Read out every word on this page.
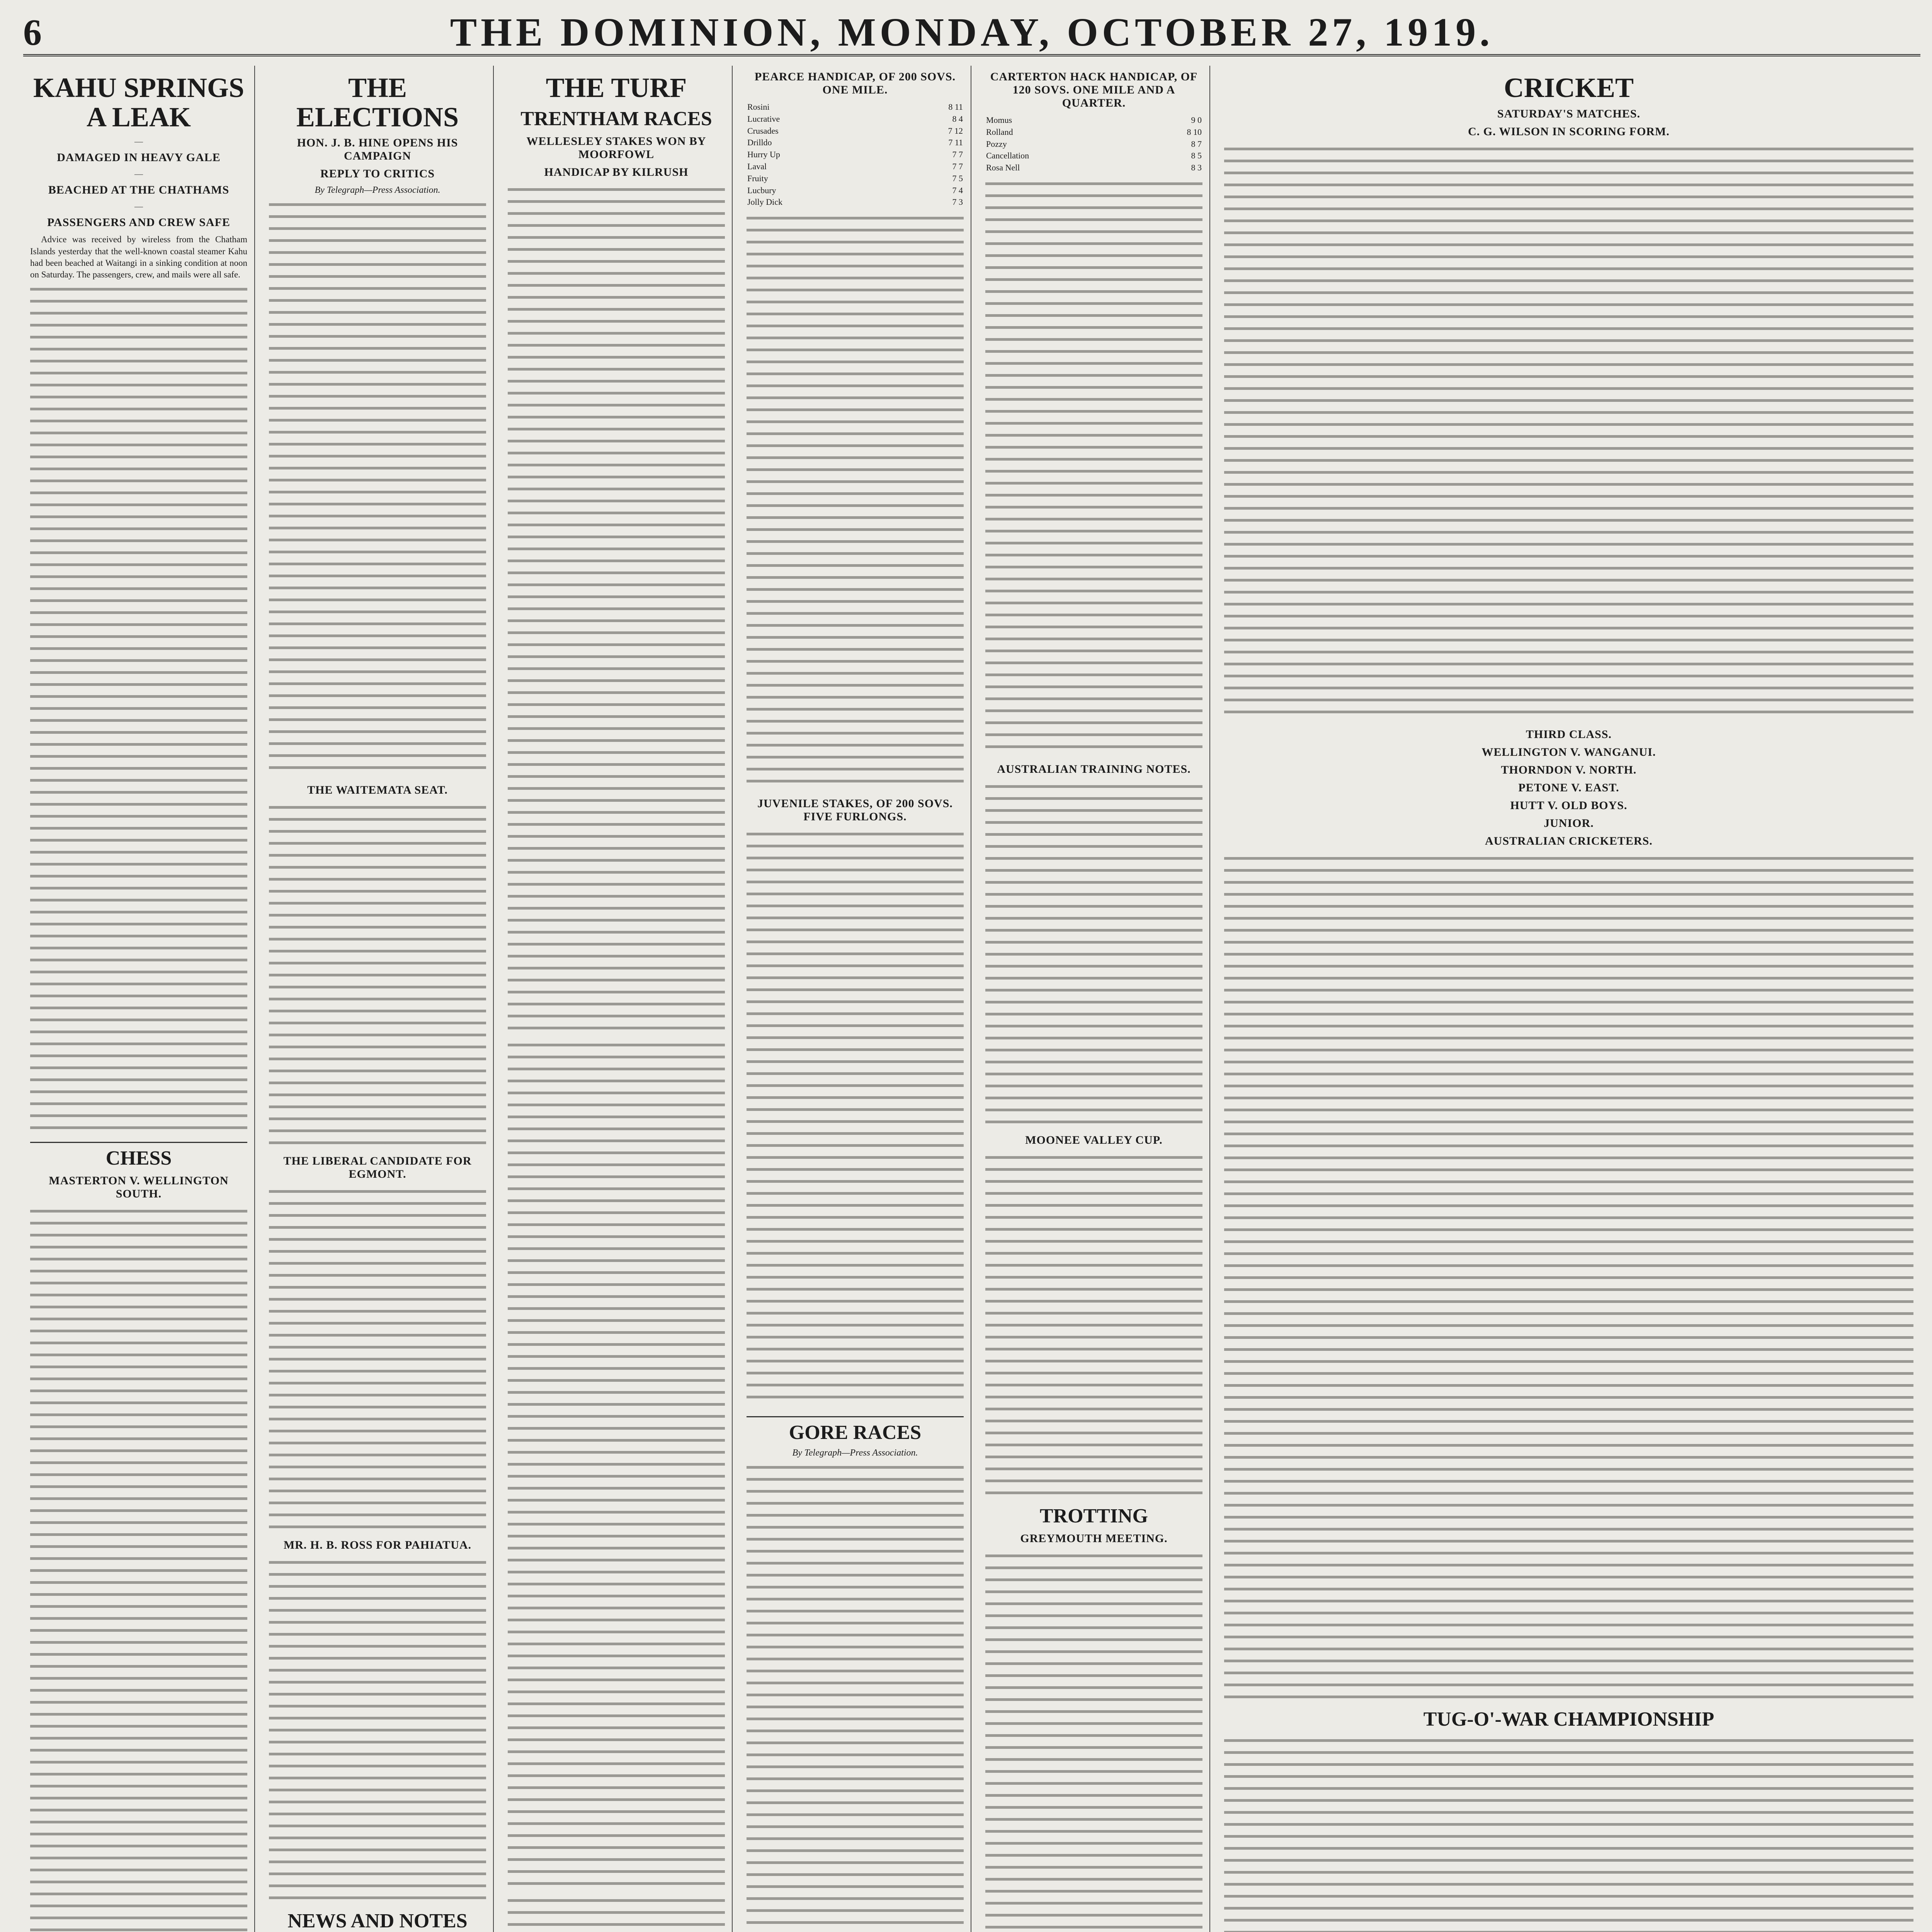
6	THE DOMINION, MONDAY, OCTOBER 27, 1919.
KAHU SPRINGS A LEAK
—
DAMAGED IN HEAVY GALE
—
BEACHED AT THE CHATHAMS
—
PASSENGERS AND CREW SAFE

Advice was received by wireless from the Chatham Islands yesterday that the well-known coastal steamer Kahu had been beached at Waitangi in a sinking condition at noon on Saturday. The passengers, crew, and mails were all safe.

CHESS
MASTERTON V. WELLINGTON SOUTH.
THE ELECTIONS
HON. J. B. HINE OPENS HIS CAMPAIGN
REPLY TO CRITICS
By Telegraph—Press Association.
THE WAITEMATA SEAT.
THE LIBERAL CANDIDATE FOR EGMONT.
MR. H. B. ROSS FOR PAHIATUA.
NEWS AND NOTES
THE TURF
TRENTHAM RACES
WELLESLEY STAKES WON BY MOORFOWL
HANDICAP BY KILRUSH
PEARCE HANDICAP, OF 200 SOVS. ONE MILE.
Rosini	8 11
Lucrative	8 4
Crusades	7 12
Drilldo	7 11
Hurry Up	7 7
Laval	7 7
Fruity	7 5
Lucbury	7 4
Jolly Dick	7 3
JUVENILE STAKES, OF 200 SOVS. FIVE FURLONGS.
GORE RACES
By Telegraph—Press Association.
CARTERTON HACK HANDICAP, OF 120 SOVS. ONE MILE AND A QUARTER.
Momus	9 0
Rolland	8 10
Pozzy	8 7
Cancellation	8 5
Rosa Nell	8 3
AUSTRALIAN TRAINING NOTES.
MOONEE VALLEY CUP.
TROTTING
GREYMOUTH MEETING.
CRICKET
SATURDAY'S MATCHES.
C. G. WILSON IN SCORING FORM.
THIRD CLASS.
WELLINGTON V. WANGANUI.
THORNDON V. NORTH.
PETONE V. EAST.
HUTT V. OLD BOYS.
JUNIOR.
AUSTRALIAN CRICKETERS.
TUG-O'-WAR CHAMPIONSHIP
